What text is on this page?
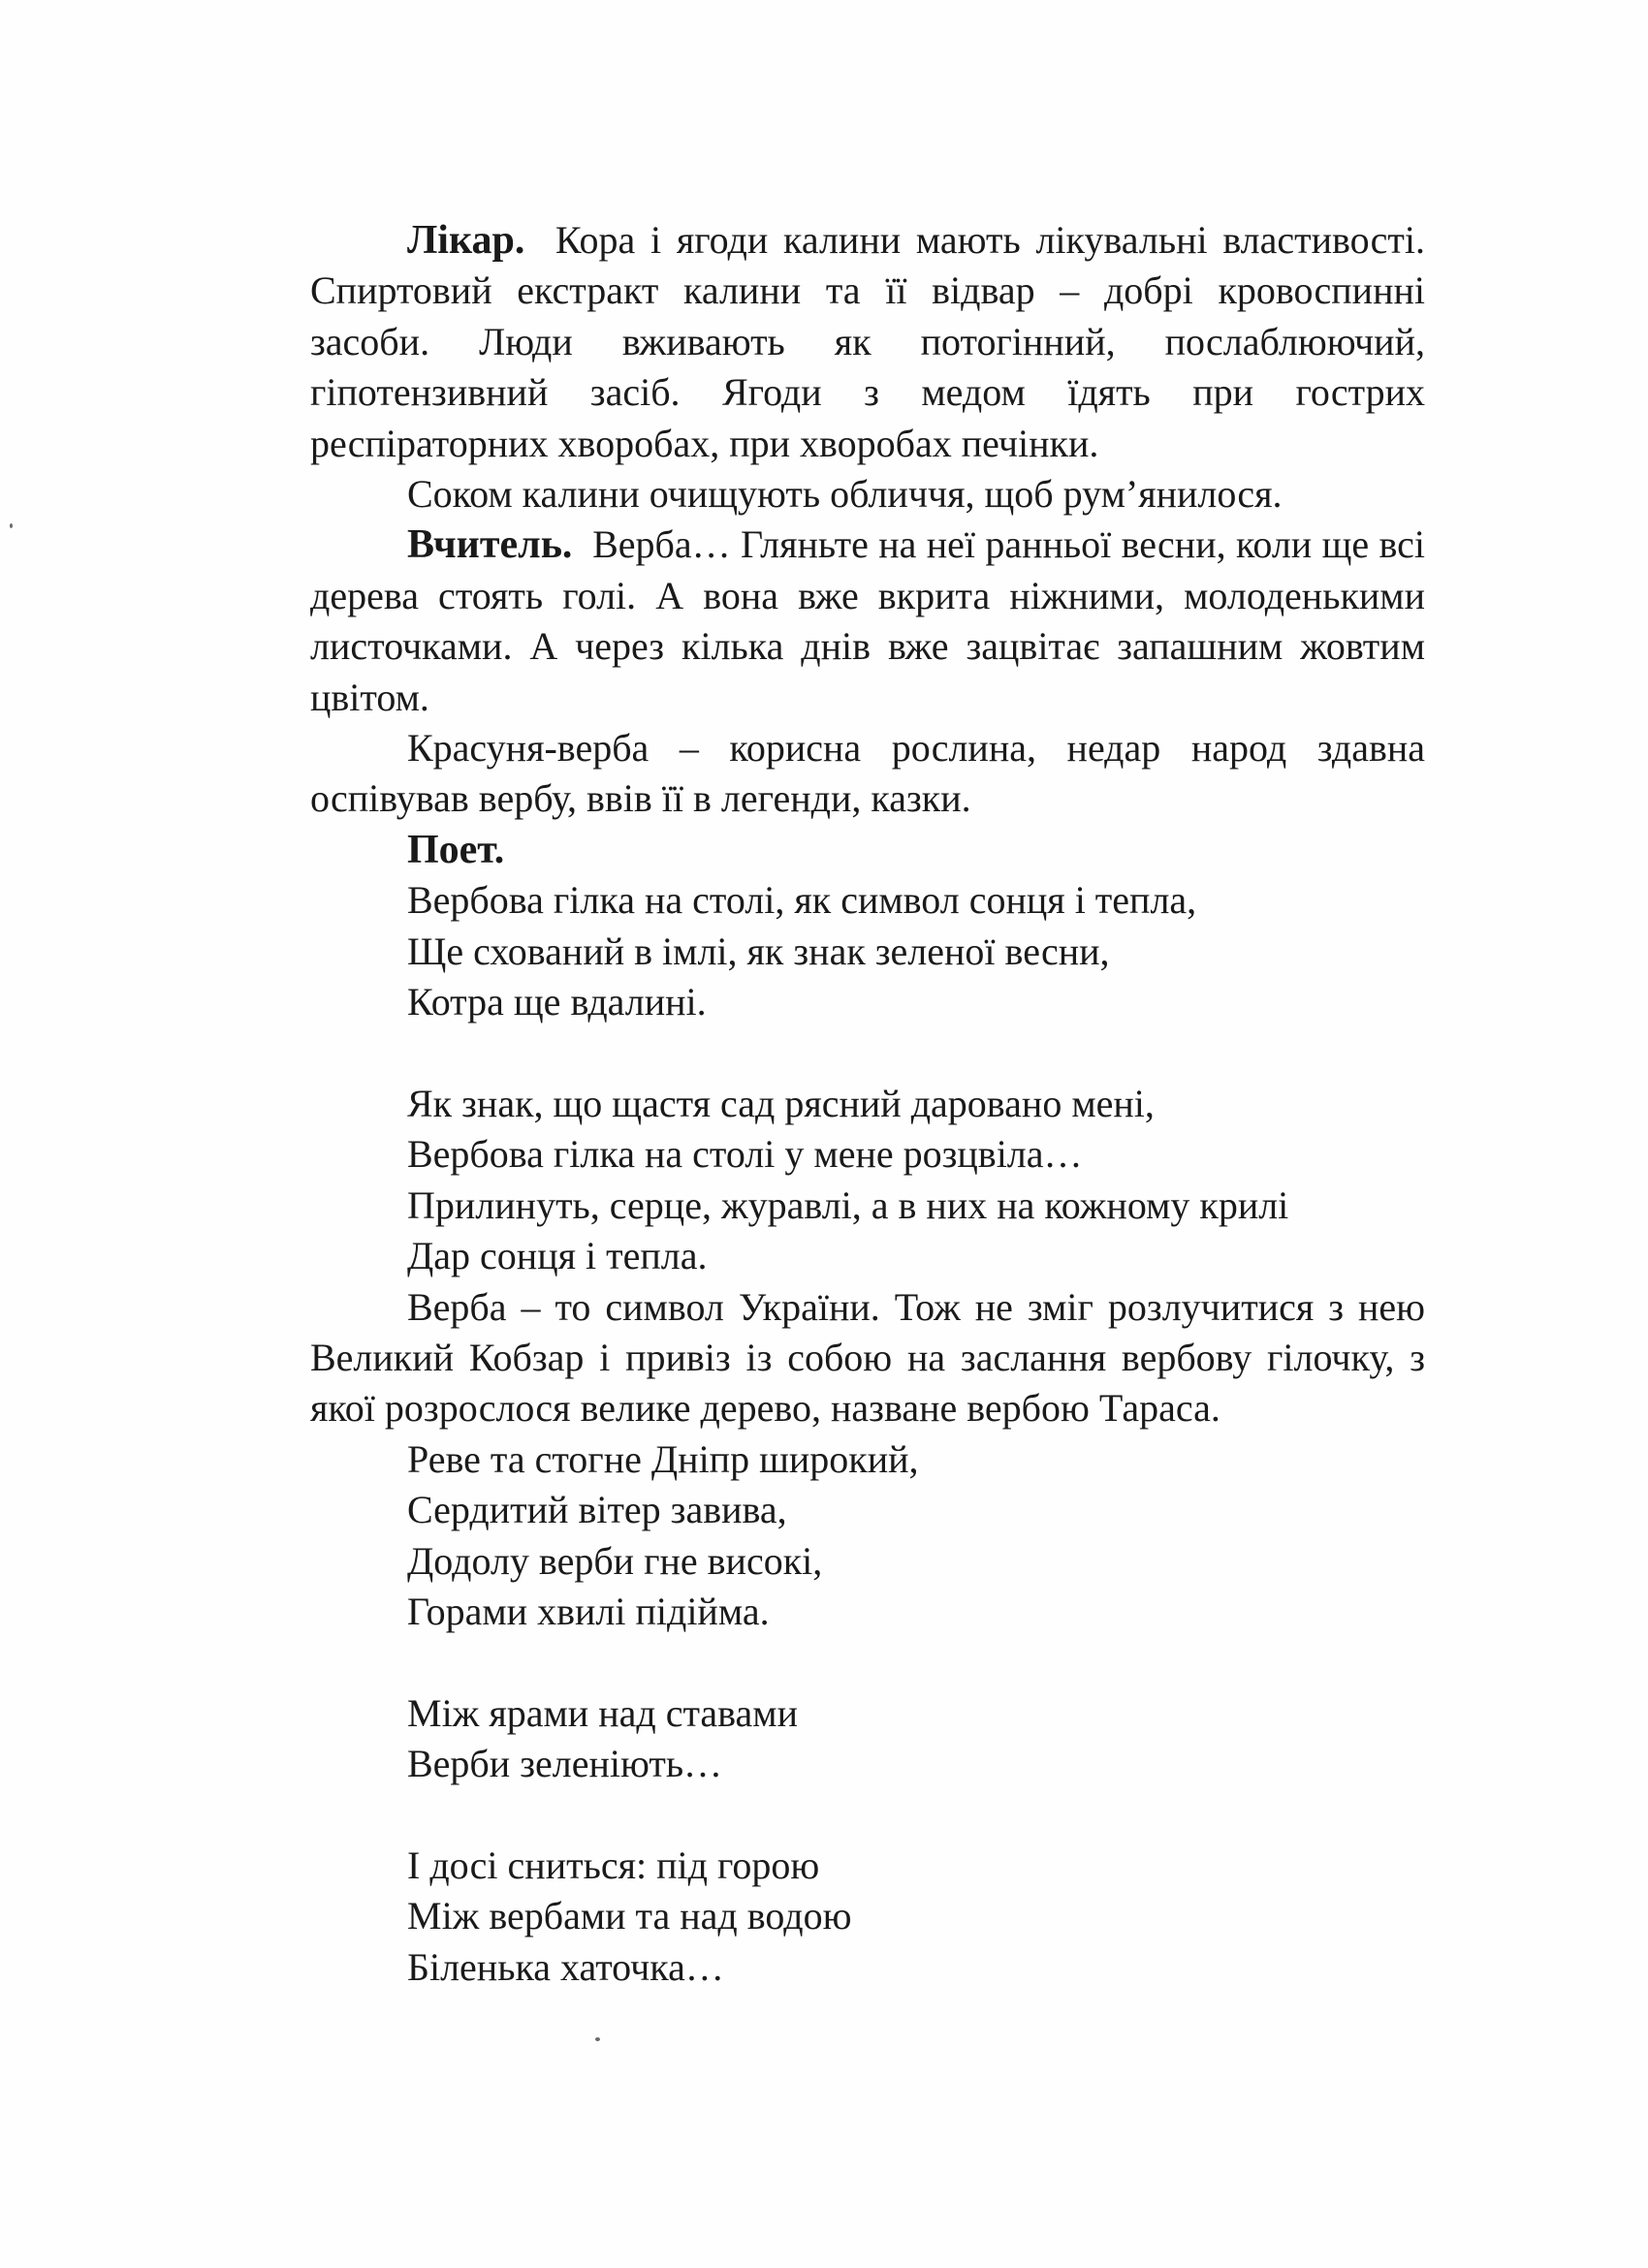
Лікар. Кора і ягоди калини мають лікувальні властивості. Спиртовий екстракт калини та її відвар – добрі кровоспинні засоби. Люди вживають як потогінний, послаблюючий, гіпотензивний засіб. Ягоди з медом їдять при гострих респіраторних хворобах, при хворобах печінки.

Соком калини очищують обличчя, щоб рум’янилося.

Вчитель. Верба… Гляньте на неї ранньої весни, коли ще всі дерева стоять голі. А вона вже вкрита ніжними, молоденькими листочками. А через кілька днів вже зацвітає запашним жовтим цвітом.

Красуня-верба – корисна рослина, недар народ здавна оспівував вербу, ввів її в легенди, казки.

Поет.

Вербова гілка на столі, як символ сонця і тепла,

Ще схований в імлі, як знак зеленої весни,

Котра ще вдалині.

Як знак, що щастя сад рясний даровано мені,

Вербова гілка на столі у мене розцвіла…

Прилинуть, серце, журавлі, а в них на кожному крилі

Дар сонця і тепла.

Верба – то символ України. Тож не зміг розлучитися з нею Великий Кобзар і привіз із собою на заслання вербову гілочку, з якої розрослося велике дерево, назване вербою Тараса.

Реве та стогне Дніпр широкий,

Сердитий вітер завива,

Додолу верби гне високі,

Горами хвилі підійма.

Між ярами над ставами

Верби зеленіють…

І досі сниться: під горою

Між вербами та над водою

Біленька хаточка…
